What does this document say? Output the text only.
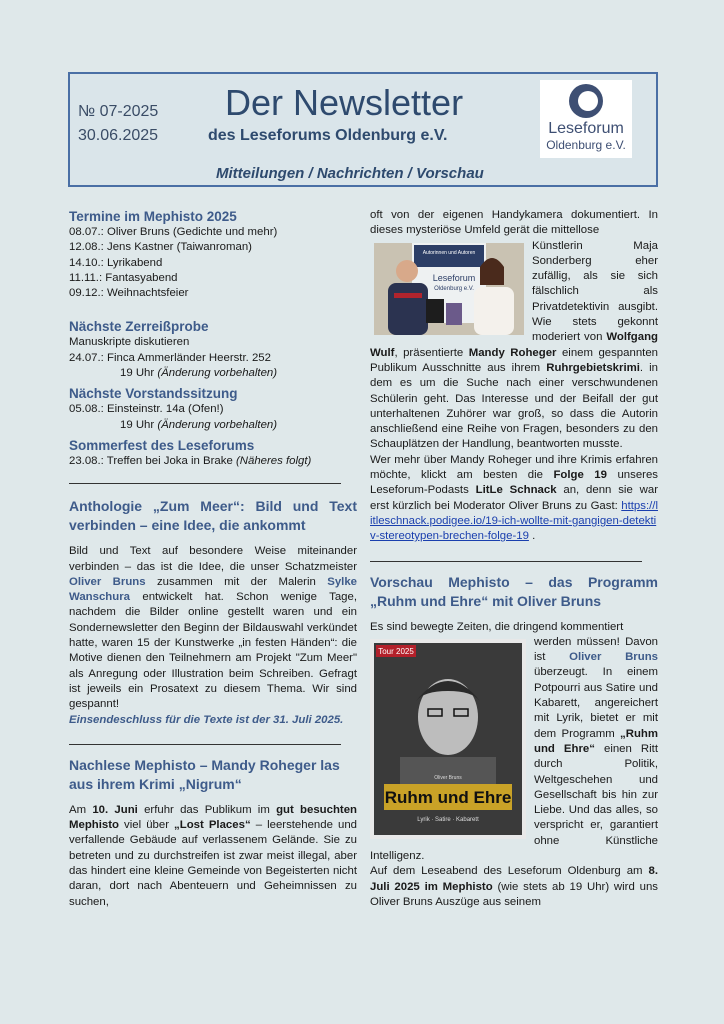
№ 07-2025
30.06.2025
Der Newsletter
des Leseforums Oldenburg e.V.
Mitteilungen / Nachrichten / Vorschau
Leseforum
Oldenburg e.V.
Termine im Mephisto 2025

08.07.: Oliver Bruns (Gedichte und mehr)

12.08.: Jens Kastner (Taiwanroman)

14.10.: Lyrikabend

11.11.: Fantasyabend

09.12.: Weihnachtsfeier

Nächste Zerreißprobe

Manuskripte diskutieren

24.07.: Finca Ammerländer Heerstr. 252

19 Uhr (Änderung vorbehalten)

Nächste Vorstandssitzung

05.08.: Einsteinstr. 14a (Ofen!)

19 Uhr (Änderung vorbehalten)

Sommerfest des Leseforums

23.08.: Treffen bei Joka in Brake (Näheres folgt)

Anthologie „Zum Meer“: Bild und Text verbinden – eine Idee, die ankommt

Bild und Text auf besondere Weise miteinander verbinden – das ist die Idee, die unser Schatzmeister Oliver Bruns zusammen mit der Malerin Sylke Wanschura entwickelt hat. Schon wenige Tage, nachdem die Bilder online gestellt waren und ein Sondernewsletter den Beginn der Bildauswahl verkündet hatte, waren 15 der Kunstwerke „in festen Händen“: die Motive dienen den Teilnehmern am Projekt "Zum Meer" als Anregung oder Illustration beim Schreiben. Gefragt ist jeweils ein Prosatext zu diesem Thema. Wir sind gespannt!

Einsendeschluss für die Texte ist der 31. Juli 2025.

Nachlese Mephisto – Mandy Roheger las aus ihrem Krimi „Nigrum“

Am 10. Juni erfuhr das Publikum im gut besuchten Mephisto viel über „Lost Places“ – leerstehende und verfallende Gebäude auf verlassenem Gelände. Sie zu betreten und zu durchstreifen ist zwar meist illegal, aber das hindert eine kleine Gemeinde von Begeisterten nicht daran, dort nach Abenteuern und Geheimnissen zu suchen,

oft von der eigenen Handykamera dokumentiert. In dieses mysteriöse Umfeld gerät die mittellose

Autorinnen und Autoren
Leseforum
Oldenburg e.V.

Künstlerin Maja Sonderberg eher zufällig, als sie sich fälschlich als Privatdetektivin ausgibt. Wie stets gekonnt moderiert von Wolfgang Wulf, präsentierte Mandy Roheger einem gespannten Publikum Ausschnitte aus ihrem Ruhrgebietskrimi. in dem es um die Suche nach einer verschwundenen Schülerin geht. Das Interesse und der Beifall der gut unterhaltenen Zuhörer war groß, so dass die Autorin anschließend eine Reihe von Fragen, besonders zu den Schauplätzen der Handlung, beantworten musste.

Wer mehr über Mandy Roheger und ihre Krimis erfahren möchte, klickt am besten die Folge 19 unseres Leseforum-Podasts LitLe Schnack an, denn sie war erst kürzlich bei Moderator Oliver Bruns zu Gast: https://litleschnack.podigee.io/19-ich-wollte-mit-gangigen-detektiv-stereotypen-brechen-folge-19 .

Vorschau Mephisto – das Programm „Ruhm und Ehre“ mit Oliver Bruns

Es sind bewegte Zeiten, die dringend kommentiert

Tour 2025
Oliver Bruns
Ruhm und Ehre
Lyrik · Satire · Kabarett

werden müssen! Davon ist Oliver Bruns überzeugt. In einem Potpourri aus Satire und Kabarett, angereichert mit Lyrik, bietet er mit dem Programm „Ruhm und Ehre“ einen Ritt durch Politik, Weltgeschehen und Gesellschaft bis hin zur Liebe. Und das alles, so verspricht er, garantiert ohne Künstliche Intelligenz.

Auf dem Leseabend des Leseforum Oldenburg am 8. Juli 2025 im Mephisto (wie stets ab 19 Uhr) wird uns Oliver Bruns Auszüge aus seinem
